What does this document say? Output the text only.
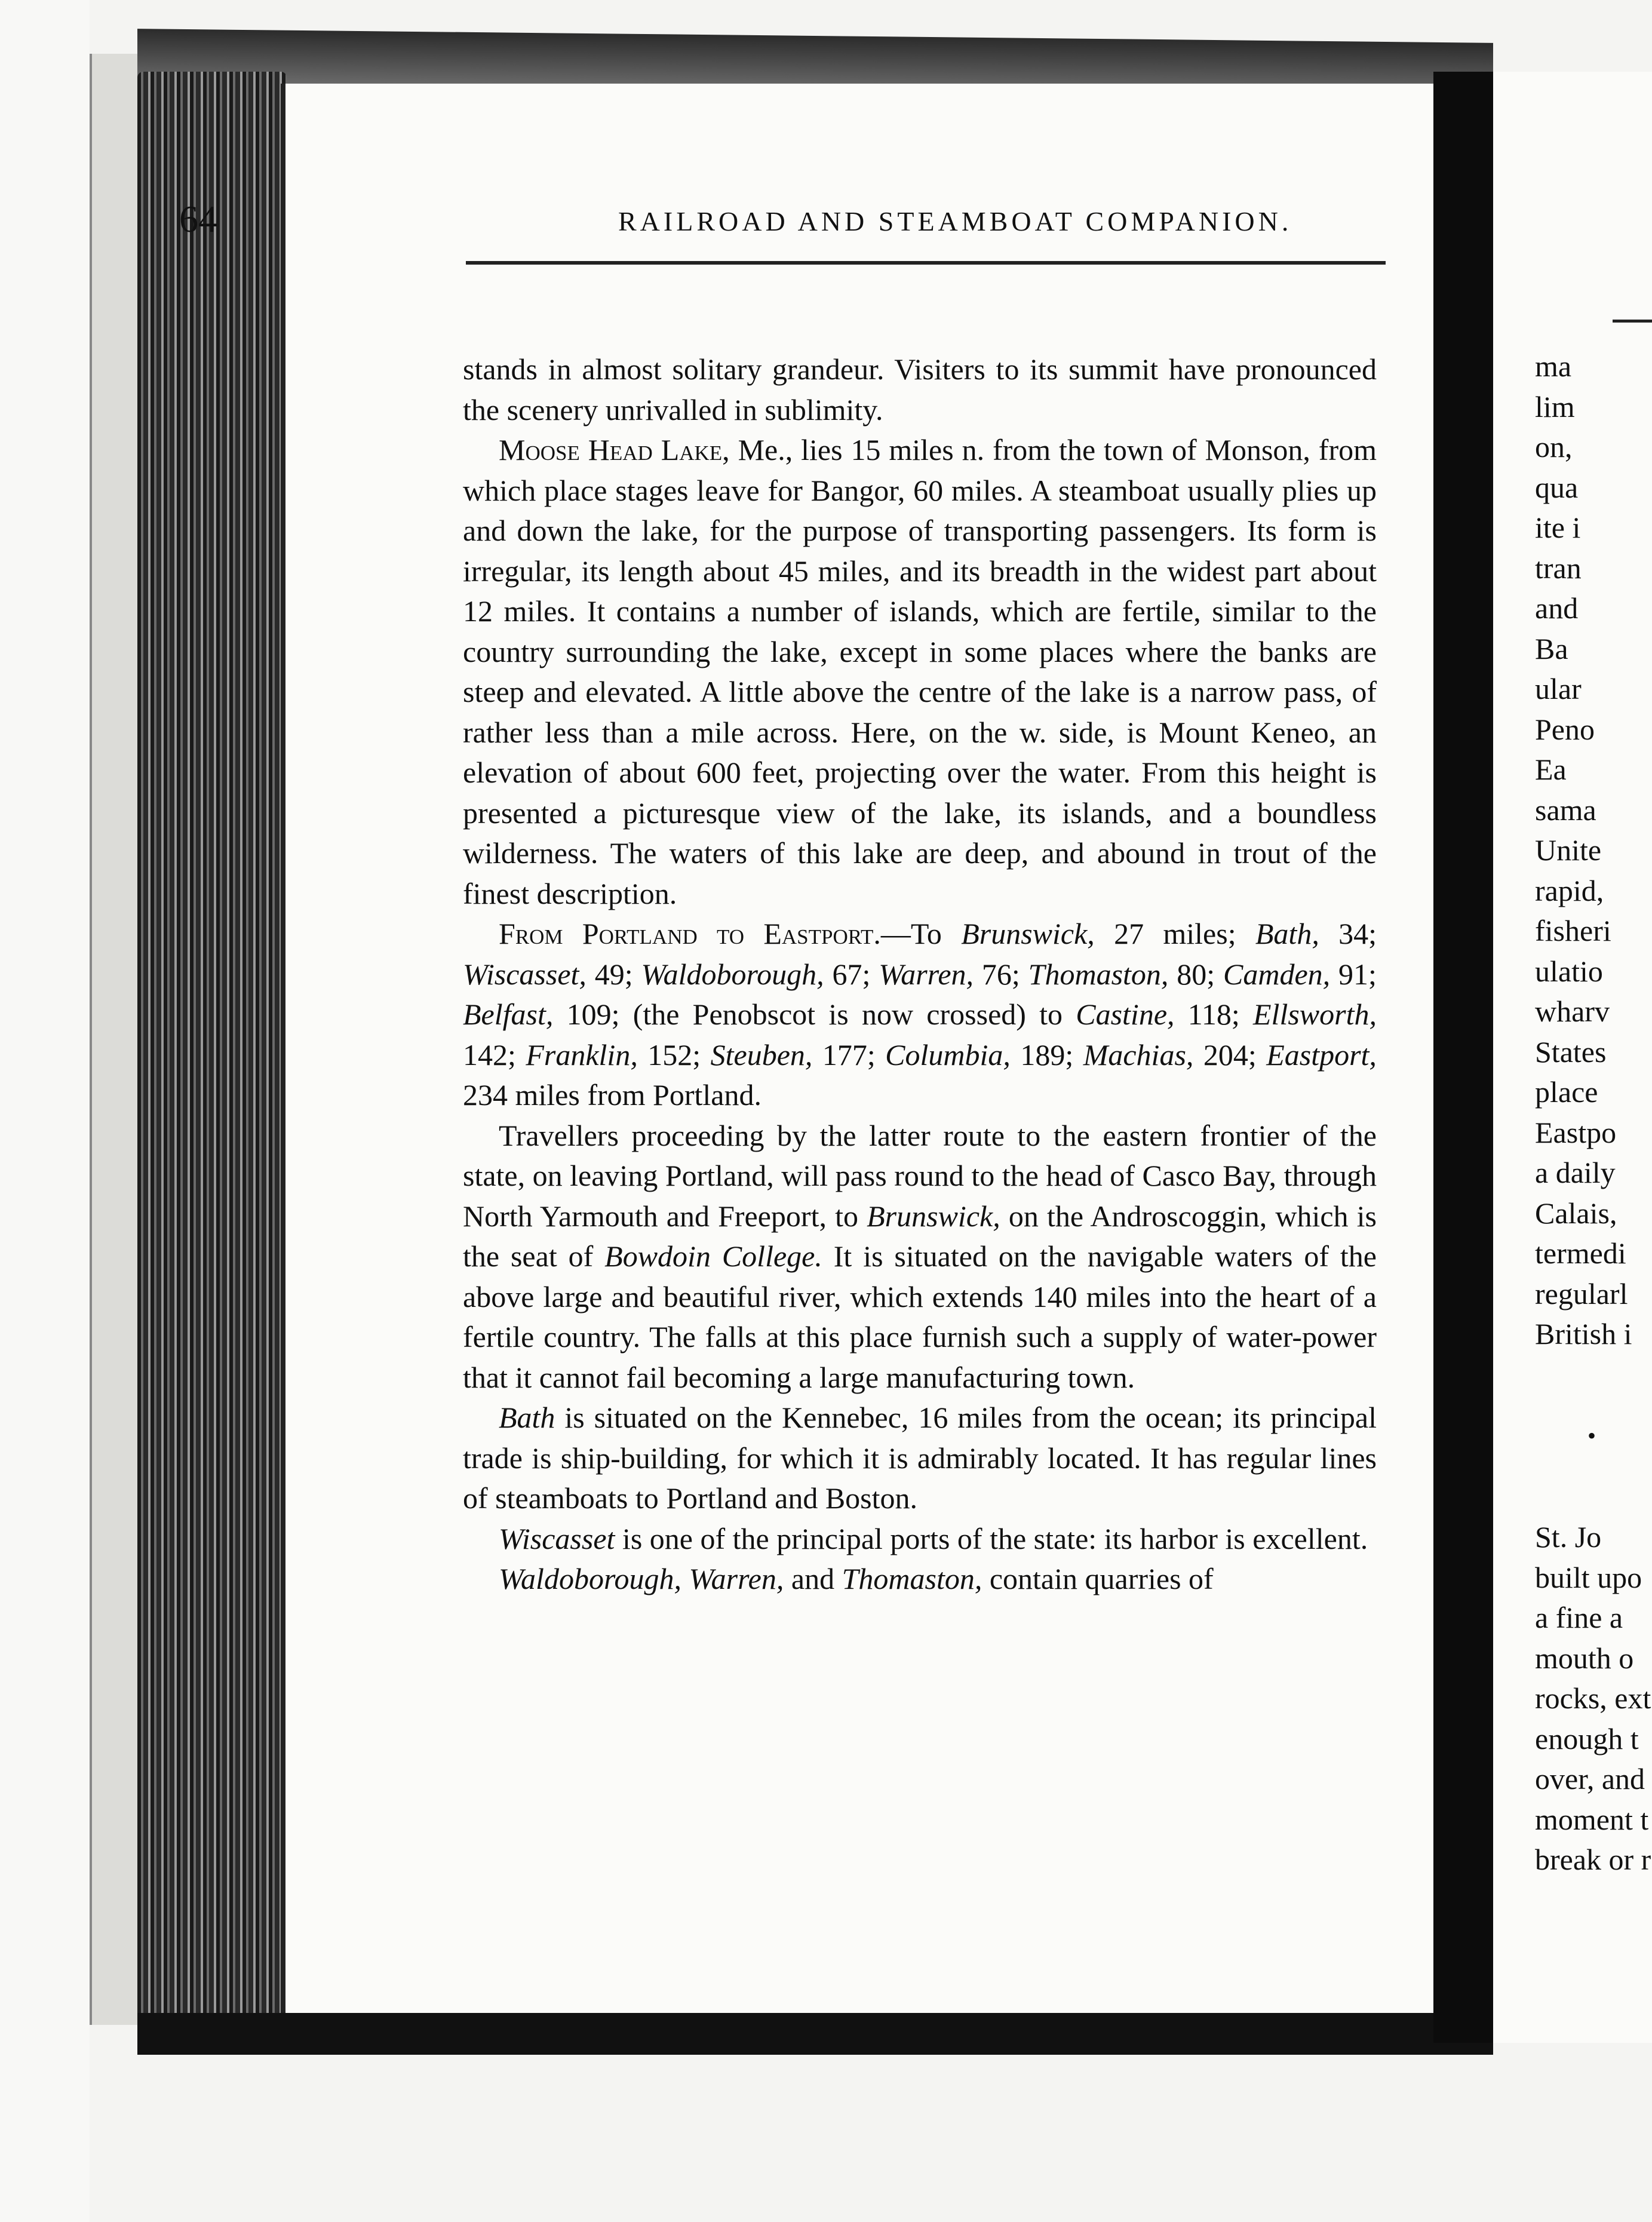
64	RAILROAD AND STEAMBOAT COMPANION.

stands in almost solitary grandeur. Visiters to its summit have pronounced the scenery unrivalled in sublimity.

Moose Head Lake, Me., lies 15 miles n. from the town of Monson, from which place stages leave for Bangor, 60 miles. A steamboat usually plies up and down the lake, for the purpose of transporting passengers. Its form is irregular, its length about 45 miles, and its breadth in the widest part about 12 miles. It contains a number of islands, which are fertile, similar to the country surrounding the lake, except in some places where the banks are steep and elevated. A little above the centre of the lake is a narrow pass, of rather less than a mile across. Here, on the w. side, is Mount Keneo, an elevation of about 600 feet, projecting over the water. From this height is presented a picturesque view of the lake, its islands, and a boundless wilderness. The waters of this lake are deep, and abound in trout of the finest description.

From Portland to Eastport.—To Brunswick, 27 miles; Bath, 34; Wiscasset, 49; Waldoborough, 67; Warren, 76; Thomaston, 80; Camden, 91; Belfast, 109; (the Penobscot is now crossed) to Castine, 118; Ellsworth, 142; Franklin, 152; Steuben, 177; Columbia, 189; Machias, 204; Eastport, 234 miles from Portland.

Travellers proceeding by the latter route to the eastern frontier of the state, on leaving Portland, will pass round to the head of Casco Bay, through North Yarmouth and Freeport, to Brunswick, on the Androscoggin, which is the seat of Bowdoin College. It is situated on the navigable waters of the above large and beautiful river, which extends 140 miles into the heart of a fertile country. The falls at this place furnish such a supply of water-power that it cannot fail becoming a large manufacturing town.

Bath is situated on the Kennebec, 16 miles from the ocean; its principal trade is ship-building, for which it is admirably located. It has regular lines of steamboats to Portland and Boston.

Wiscasset is one of the principal ports of the state: its harbor is excellent.

Waldoborough, Warren, and Thomaston, contain quarries of

ma
lim
on,
qua
ite i
tran
and
Ba
ular
Peno
Ea
sama
Unite
rapid,
fisheri
ulatio
wharv
States
place
Eastpo
a daily
Calais,
termedi
regularl
British i
•
St. Jo
built upo
a fine a
mouth o
rocks, ext
enough t
over, and
moment t
break or r
